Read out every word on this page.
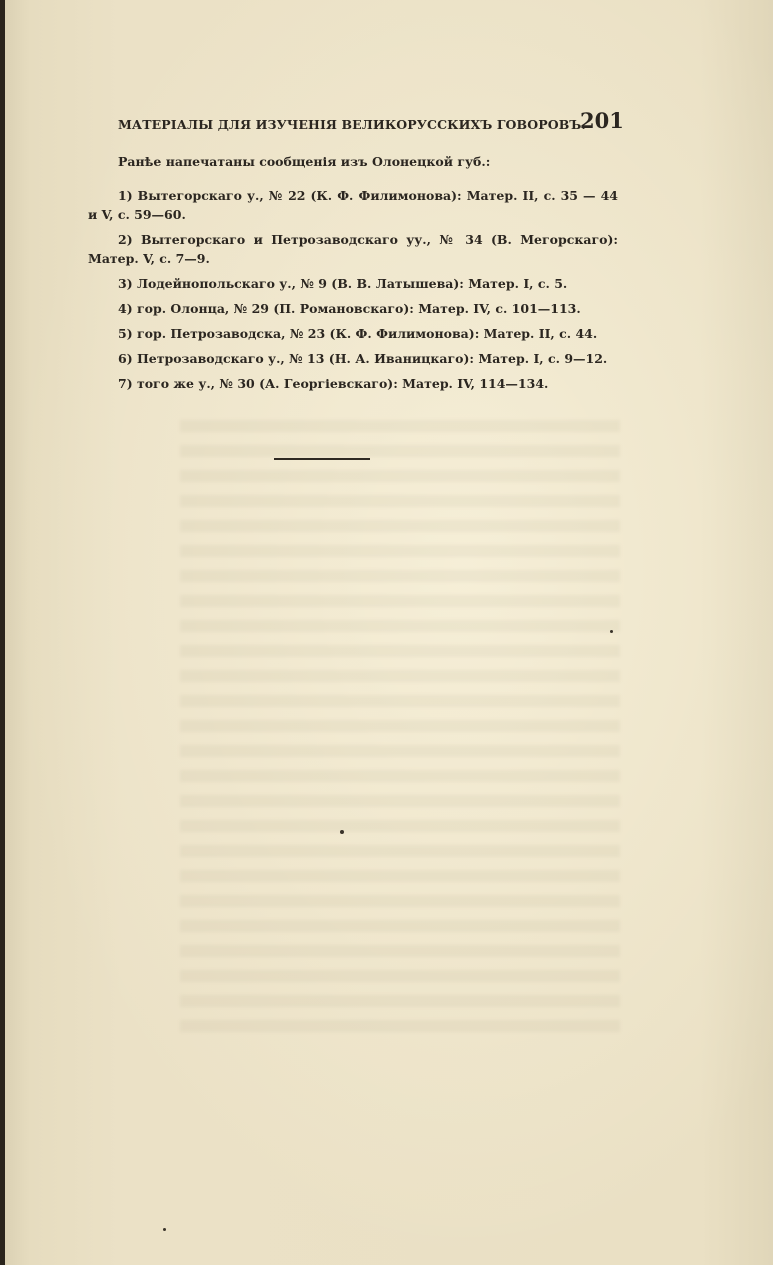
МАТЕРІАЛЫ ДЛЯ ИЗУЧЕНІЯ ВЕЛИКОРУССКИХЪ ГОВОРОВЪ.
201
Ранѣе напечатаны сообщенія изъ Олонецкой губ.:
1) Вытегорскаго у., № 22 (К. Ф. Филимонова): Матер. II, с. 35 — 44 и V, с. 59—60.
2) Вытегорскаго и Петрозаводскаго уу., № 34 (В. Мегорскаго): Матер. V, с. 7—9.
3) Лодейнопольскаго у., № 9 (В. В. Латышева): Матер. I, с. 5.
4) гор. Олонца, № 29 (П. Романовскаго): Матер. IV, с. 101—113.
5) гор. Петрозаводска, № 23 (К. Ф. Филимонова): Матер. II, с. 44.
6) Петрозаводскаго у., № 13 (Н. А. Иваницкаго): Матер. I, с. 9—12.
7) того же у., № 30 (А. Георгіевскаго): Матер. IV, 114—134.
